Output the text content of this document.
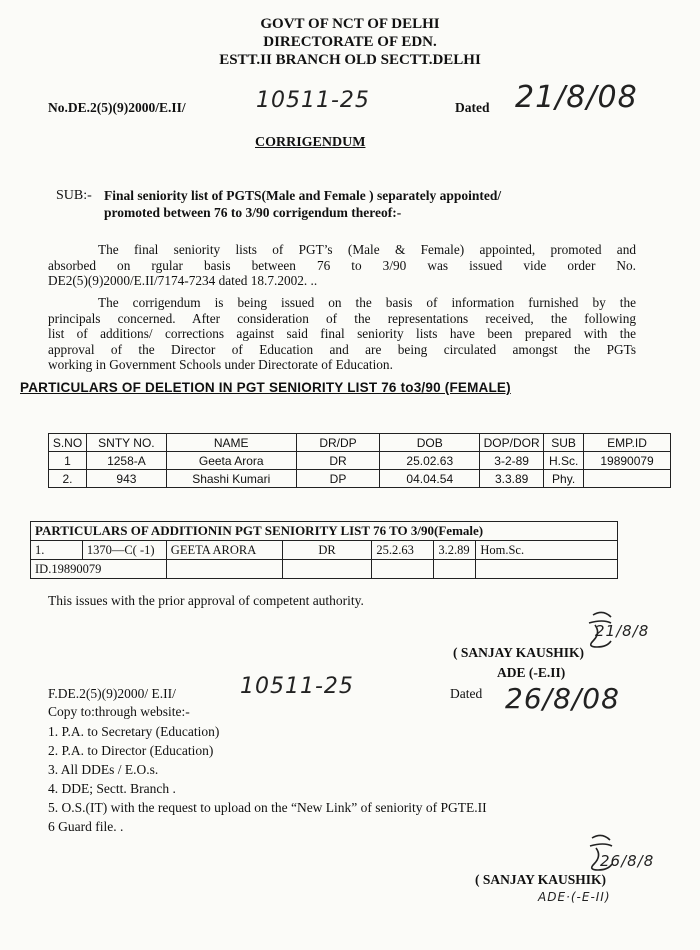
GOVT OF NCT OF DELHI
DIRECTORATE OF EDN.
ESTT.II BRANCH OLD SECTT.DELHI
No.DE.2(5)(9)2000/E.II/	10511-25	Dated 21/8/08
CORRIGENDUM
SUB:- Final seniority list of PGTS(Male and Female ) separately appointed/
promoted between 76 to 3/90 corrigendum thereof:-
The final seniority lists of PGT’s (Male & Female) appointed, promoted and
absorbed on rgular basis between 76 to 3/90 was issued vide order No.
DE2(5)(9)2000/E.II/7174-7234 dated 18.7.2002. ..
The corrigendum is being issued on the basis of information furnished by the
principals concerned. After consideration of the representations received, the following
list of additions/ corrections against said final seniority lists have been prepared with the
approval of the Director of Education and are being circulated amongst the PGTs
working in Government Schools under Directorate of Education.
PARTICULARS OF DELETION IN PGT SENIORITY LIST 76 to3/90 (FEMALE)
S.NO	SNTY NO.	NAME	DR/DP	DOB	DOP/DOR	SUB	EMP.ID
1	1258-A	Geeta Arora	DR	25.02.63	3-2-89	H.Sc.	19890079
2.	943	Shashi Kumari	DP	04.04.54	3.3.89	Phy.	
PARTICULARS OF ADDITIONIN PGT SENIORITY LIST 76 TO 3/90(Female)						
1.	1370—C( -1)	GEETA ARORA	DR	25.2.63	3.2.89	Hom.Sc.
ID.19890079						
This issues with the prior approval of competent authority.
21/8/8
( SANJAY KAUSHIK)
ADE (-E.II)
F.DE.2(5)(9)2000/ E.II/	10511-25	Dated 26/8/08
Copy to:through website:-
1. P.A. to Secretary (Education)
2. P.A. to Director (Education)
3. All DDEs / E.O.s.
4. DDE; Sectt. Branch .
5. O.S.(IT) with the request to upload on the “New Link” of seniority of PGTE.II
6 Guard file. .
26/8/8
( SANJAY KAUSHIK)
ADE·(-E-II)
